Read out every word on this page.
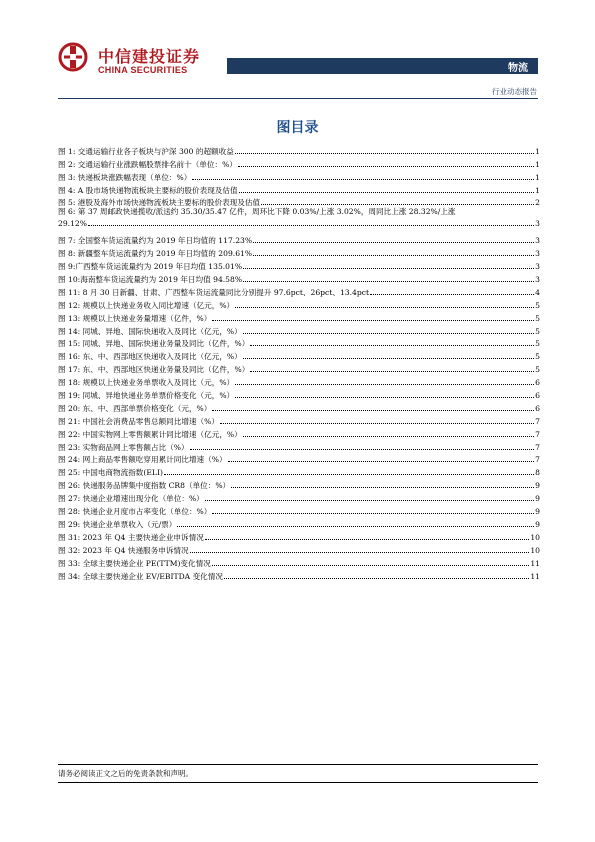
中信建投证券
CHINA SECURITIES	物流
行业动态报告
图目录
图 1: 交通运输行业各子板块与沪深 300 的超额收益	1
图 2: 交通运输行业涨跌幅股票排名前十（单位：%）	1
图 3: 快递板块涨跌幅表现（单位：%）	1
图 4: A 股市场快递物流板块主要标的股价表现及估值	1
图 5: 港股及海外市场快递物流板块主要标的股价表现及估值	2
图 6: 第 37 周邮政快递揽收/派送约 35.30/35.47 亿件，周环比下降 0.03%/上涨 3.02%，周同比上涨 28.32%/上涨
29.12%	3
图 7: 全国整车货运流量约为 2019 年日均值的 117.23%	3
图 8: 新疆整车货运流量约为 2019 年日均值的 209.61%	3
图 9:广西整车货运流量约为 2019 年日均值 135.01%	3
图 10:海南整车货运流量约为 2019 年日均值 94.58%	3
图 11: 8 月 30 日新疆、甘肃、广西整车货运流量同比分别提升 97.6pct、26pct、13.4pct	4
图 12: 规模以上快递业务收入同比增速（亿元，%）	5
图 13: 规模以上快递业务量增速（亿件，%）	5
图 14: 同城、异地、国际快递收入及同比（亿元，%）	5
图 15: 同城、异地、国际快递业务量及同比（亿件，%）	5
图 16: 东、中、西部地区快递收入及同比（亿元，%）	5
图 17: 东、中、西部地区快递业务量及同比（亿件，%）	5
图 18: 规模以上快递业务单票收入及同比（元，%）	6
图 19: 同城、异地快递业务单票价格变化（元，%）	6
图 20: 东、中、西部单票价格变化（元，%）	6
图 21: 中国社会消费品零售总额同比增速（%）	7
图 22: 中国实物网上零售额累计同比增速（亿元，%）	7
图 23: 实物商品网上零售额占比（%）	7
图 24: 网上商品零售额吃穿用累计同比增速（%）	7
图 25: 中国电商物流指数(ELI)	8
图 26: 快递服务品牌集中度指数 CR8（单位：%）	9
图 27: 快递企业增速出现分化（单位：%）	9
图 28: 快递企业月度市占率变化（单位：%）	9
图 29: 快递企业单票收入（元/票）	9
图 31: 2023 年 Q4 主要快递企业申诉情况	10
图 32: 2023 年 Q4 快递服务申诉情况	10
图 33: 全球主要快递企业 PE(TTM)变化情况	11
图 34: 全球主要快递企业 EV/EBITDA 变化情况	11
请务必阅读正文之后的免责条款和声明。
